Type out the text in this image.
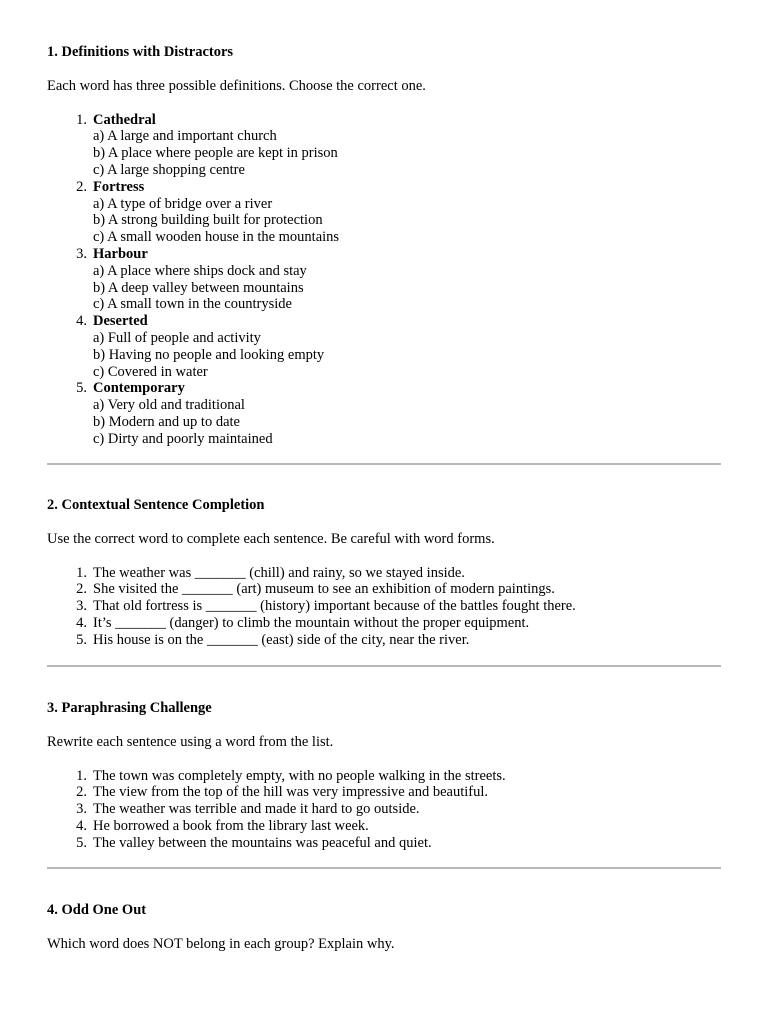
1. Definitions with Distractors

Each word has three possible definitions. Choose the correct one.

1. Cathedral
a) A large and important church
b) A place where people are kept in prison
c) A large shopping centre
2. Fortress
a) A type of bridge over a river
b) A strong building built for protection
c) A small wooden house in the mountains
3. Harbour
a) A place where ships dock and stay
b) A deep valley between mountains
c) A small town in the countryside
4. Deserted
a) Full of people and activity
b) Having no people and looking empty
c) Covered in water
5. Contemporary
a) Very old and traditional
b) Modern and up to date
c) Dirty and poorly maintained

2. Contextual Sentence Completion

Use the correct word to complete each sentence. Be careful with word forms.

1. The weather was _______ (chill) and rainy, so we stayed inside.
2. She visited the _______ (art) museum to see an exhibition of modern paintings.
3. That old fortress is _______ (history) important because of the battles fought there.
4. It’s _______ (danger) to climb the mountain without the proper equipment.
5. His house is on the _______ (east) side of the city, near the river.

3. Paraphrasing Challenge

Rewrite each sentence using a word from the list.

1. The town was completely empty, with no people walking in the streets.
2. The view from the top of the hill was very impressive and beautiful.
3. The weather was terrible and made it hard to go outside.
4. He borrowed a book from the library last week.
5. The valley between the mountains was peaceful and quiet.

4. Odd One Out

Which word does NOT belong in each group? Explain why.
